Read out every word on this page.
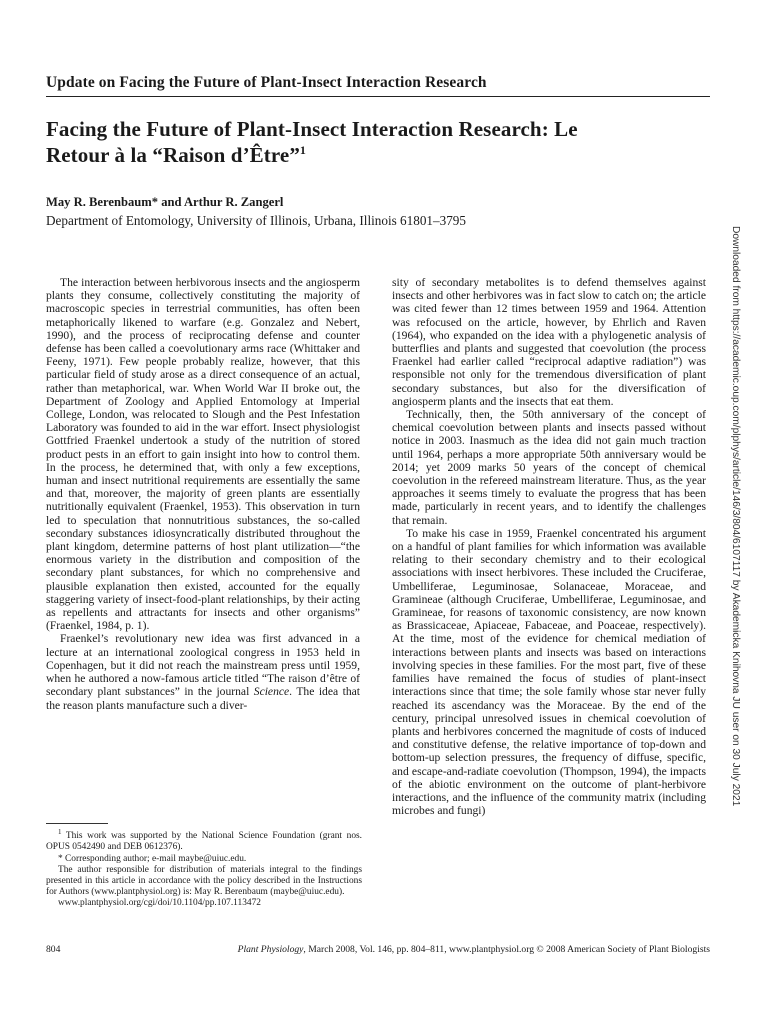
Update on Facing the Future of Plant-Insect Interaction Research
Facing the Future of Plant-Insect Interaction Research: Le
Retour à la “Raison d’Être”$^1$
May R. Berenbaum* and Arthur R. Zangerl
Department of Entomology, University of Illinois, Urbana, Illinois 61801–3795

The interaction between herbivorous insects and the angiosperm plants they consume, collectively constituting the majority of macroscopic species in terrestrial communities, has often been metaphorically likened to warfare (e.g. Gonzalez and Nebert, 1990), and the process of reciprocating defense and counter defense has been called a coevolutionary arms race (Whittaker and Feeny, 1971). Few people probably realize, however, that this particular field of study arose as a direct consequence of an actual, rather than metaphorical, war. When World War II broke out, the Department of Zoology and Applied Entomology at Imperial College, London, was relocated to Slough and the Pest Infestation Laboratory was founded to aid in the war effort. Insect physiologist Gottfried Fraenkel undertook a study of the nutrition of stored product pests in an effort to gain insight into how to control them. In the process, he determined that, with only a few exceptions, human and insect nutritional requirements are essentially the same and that, moreover, the majority of green plants are essentially nutritionally equivalent (Fraenkel, 1953). This observation in turn led to speculation that nonnutritious substances, the so-called secondary substances idiosyncratically distributed throughout the plant kingdom, determine patterns of host plant utilization—“the enormous variety in the distribution and composition of the secondary plant substances, for which no comprehensive and plausible explanation then existed, accounted for the equally staggering variety of insect-food-plant relationships, by their acting as repellents and attractants for insects and other organisms” (Fraenkel, 1984, p. 1).

Fraenkel’s revolutionary new idea was first advanced in a lecture at an international zoological congress in 1953 held in Copenhagen, but it did not reach the mainstream press until 1959, when he authored a now-famous article titled “The raison d’être of secondary plant substances” in the journal Science. The idea that the reason plants manufacture such a diver-

sity of secondary metabolites is to defend themselves against insects and other herbivores was in fact slow to catch on; the article was cited fewer than 12 times between 1959 and 1964. Attention was refocused on the article, however, by Ehrlich and Raven (1964), who expanded on the idea with a phylogenetic analysis of butterflies and plants and suggested that coevolution (the process Fraenkel had earlier called “reciprocal adaptive radiation”) was responsible not only for the tremendous diversification of plant secondary substances, but also for the diversification of angiosperm plants and the insects that eat them.

Technically, then, the 50th anniversary of the concept of chemical coevolution between plants and insects passed without notice in 2003. Inasmuch as the idea did not gain much traction until 1964, perhaps a more appropriate 50th anniversary would be 2014; yet 2009 marks 50 years of the concept of chemical coevolution in the refereed mainstream literature. Thus, as the year approaches it seems timely to evaluate the progress that has been made, particularly in recent years, and to identify the challenges that remain.

To make his case in 1959, Fraenkel concentrated his argument on a handful of plant families for which information was available relating to their secondary chemistry and to their ecological associations with insect herbivores. These included the Cruciferae, Umbelliferae, Leguminosae, Solanaceae, Moraceae, and Gramineae (although Cruciferae, Umbelliferae, Leguminosae, and Gramineae, for reasons of taxonomic consistency, are now known as Brassicaceae, Apiaceae, Fabaceae, and Poaceae, respectively). At the time, most of the evidence for chemical mediation of interactions between plants and insects was based on interactions involving species in these families. For the most part, five of these families have remained the focus of studies of plant-insect interactions since that time; the sole family whose star never fully reached its ascendancy was the Moraceae. By the end of the century, principal unresolved issues in chemical coevolution of plants and herbivores concerned the magnitude of costs of induced and constitutive defense, the relative importance of top-down and bottom-up selection pressures, the frequency of diffuse, specific, and escape-and-radiate coevolution (Thompson, 1994), the impacts of the abiotic environment on the outcome of plant-herbivore interactions, and the influence of the community matrix (including microbes and fungi)

$^1$ This work was supported by the National Science Foundation (grant nos. OPUS 0542490 and DEB 0612376).

* Corresponding author; e-mail maybe@uiuc.edu.

The author responsible for distribution of materials integral to the findings presented in this article in accordance with the policy described in the Instructions for Authors (www.plantphysiol.org) is: May R. Berenbaum (maybe@uiuc.edu).

www.plantphysiol.org/cgi/doi/10.1104/pp.107.113472

804	Plant Physiology, March 2008, Vol. 146, pp. 804–811, www.plantphysiol.org © 2008 American Society of Plant Biologists
Downloaded from https://academic.oup.com/plphys/article/146/3/804/6107117 by Akademicka Knihovna JU user on 30 July 2021
